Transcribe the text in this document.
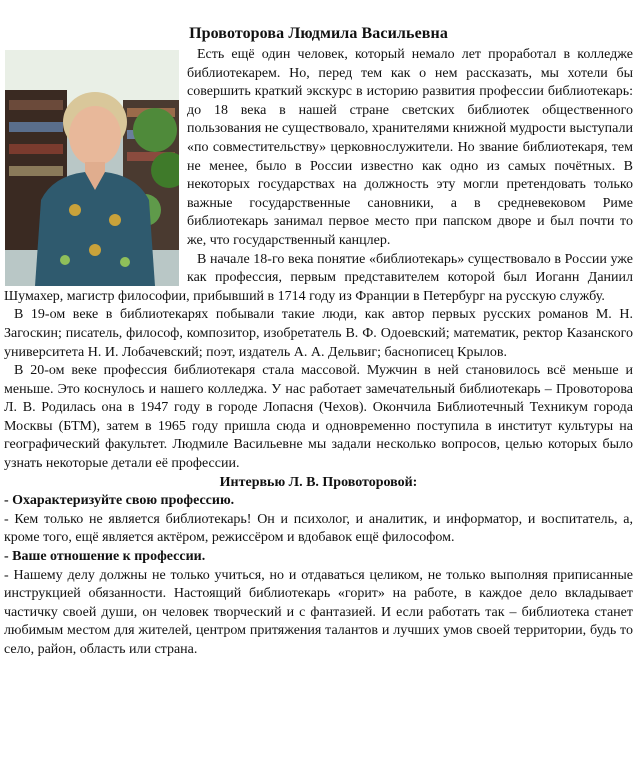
Провоторова Людмила Васильевна

Есть ещё один человек, который немало лет проработал в колледже библиотекарем. Но, перед тем как о нем рассказать, мы хотели бы совершить краткий экскурс в историю развития профессии библиотекарь: до 18 века в нашей стране светских библиотек общественного пользования не существовало, хранителями книжной мудрости выступали «по совместительству» церковнослужители. Но звание библиотекаря, тем не менее, было в России известно как одно из самых почётных. В некоторых государствах на должность эту могли претендовать только важные государственные сановники, а в средневековом Риме библиотекарь занимал первое место при папском дворе и был почти то же, что государственный канцлер.

В начале 18-го века понятие «библиотекарь» существовало в России уже как профессия, первым представителем которой был Иоганн Даниил Шумахер, магистр философии, прибывший в 1714 году из Франции в Петербург на русскую службу.

В 19-ом веке в библиотекарях побывали такие люди, как автор первых русских романов М. Н. Загоскин; писатель, философ, композитор, изобретатель В. Ф. Одоевский; математик, ректор Казанского университета Н. И. Лобачевский; поэт, издатель А. А. Дельвиг; баснописец Крылов.

В 20-ом веке профессия библиотекаря стала массовой. Мужчин в ней становилось всё меньше и меньше. Это коснулось и нашего колледжа. У нас работает замечательный библиотекарь – Провоторова Л. В. Родилась она в 1947 году в городе Лопасня (Чехов). Окончила Библиотечный Техникум города Москвы (БТМ), затем в 1965 году пришла сюда и одновременно поступила в институт культуры на географический факультет. Людмиле Васильевне мы задали несколько вопросов, целью которых было узнать некоторые детали её профессии.

Интервью Л. В. Провоторовой:

- Охарактеризуйте свою профессию.

- Кем только не является библиотекарь! Он и психолог, и аналитик, и информатор, и воспитатель, а, кроме того, ещё является актёром, режиссёром и вдобавок ещё философом.

- Ваше отношение к профессии.

- Нашему делу должны не только учиться, но и отдаваться целиком, не только выполняя приписанные инструкцией обязанности. Настоящий библиотекарь «горит» на работе, в каждое дело вкладывает частичку своей души, он человек творческий и с фантазией. И если работать так – библиотека станет любимым местом для жителей, центром притяжения талантов и лучших умов своей территории, будь то село, район, область или страна.
